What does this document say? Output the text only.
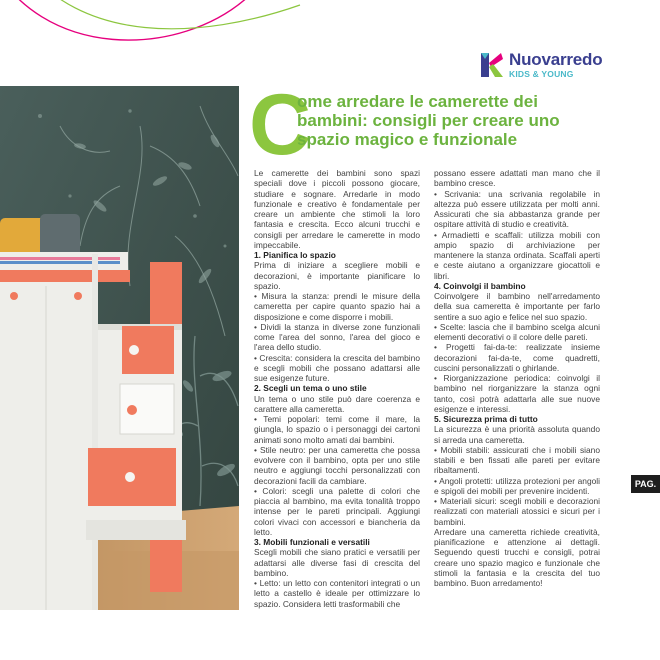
Nuovarredo
KIDS & YOUNG
C
ome arredare le camerette dei
bambini: consigli per creare uno
spazio magico e funzionale

Le camerette dei bambini sono spazi speciali dove i piccoli possono giocare, studiare e sognare. Arredarle in modo funzionale e creativo è fondamentale per creare un ambiente che stimoli la loro fantasia e crescita. Ecco alcuni trucchi e consigli per arredare le camerette in modo impeccabile.

1. Pianifica lo spazio

Prima di iniziare a scegliere mobili e decorazioni, è importante pianificare lo spazio.

• Misura la stanza: prendi le misure della cameretta per capire quanto spazio hai a disposizione e come disporre i mobili.

• Dividi la stanza in diverse zone funzionali come l'area del sonno, l'area del gioco e l'area dello studio.

• Crescita: considera la crescita del bambino e scegli mobili che possano adattarsi alle sue esigenze future.

2. Scegli un tema o uno stile

Un tema o uno stile può dare coerenza e carattere alla cameretta.

• Temi popolari: temi come il mare, la giungla, lo spazio o i personaggi dei cartoni animati sono molto amati dai bambini.

• Stile neutro: per una cameretta che possa evolvere con il bambino, opta per uno stile neutro e aggiungi tocchi personalizzati con decorazioni facili da cambiare.

• Colori: scegli una palette di colori che piaccia al bambino, ma evita tonalità troppo intense per le pareti principali. Aggiungi colori vivaci con accessori e biancheria da letto.

3. Mobili funzionali e versatili

Scegli mobili che siano pratici e versatili per adattarsi alle diverse fasi di crescita del bambino.

• Letto: un letto con contenitori integrati o un letto a castello è ideale per ottimizzare lo spazio. Considera letti trasformabili che

possano essere adattati man mano che il bambino cresce.

• Scrivania: una scrivania regolabile in altezza può essere utilizzata per molti anni. Assicurati che sia abbastanza grande per ospitare attività di studio e creatività.

• Armadietti e scaffali: utilizza mobili con ampio spazio di archiviazione per mantenere la stanza ordinata. Scaffali aperti e ceste aiutano a organizzare giocattoli e libri.

4. Coinvolgi il bambino

Coinvolgere il bambino nell'arredamento della sua cameretta è importante per farlo sentire a suo agio e felice nel suo spazio.

• Scelte: lascia che il bambino scelga alcuni elementi decorativi o il colore delle pareti.

• Progetti fai-da-te: realizzate insieme decorazioni fai-da-te, come quadretti, cuscini personalizzati o ghirlande.

• Riorganizzazione periodica: coinvolgi il bambino nel riorganizzare la stanza ogni tanto, così potrà adattarla alle sue nuove esigenze e interessi.

5. Sicurezza prima di tutto

La sicurezza è una priorità assoluta quando si arreda una cameretta.

• Mobili stabili: assicurati che i mobili siano stabili e ben fissati alle pareti per evitare ribaltamenti.

• Angoli protetti: utilizza protezioni per angoli e spigoli dei mobili per prevenire incidenti.

• Materiali sicuri: scegli mobili e decorazioni realizzati con materiali atossici e sicuri per i bambini.

Arredare una cameretta richiede creatività, pianificazione e attenzione ai dettagli. Seguendo questi trucchi e consigli, potrai creare uno spazio magico e funzionale che stimoli la fantasia e la crescita del tuo bambino. Buon arredamento!

PAG. 89
